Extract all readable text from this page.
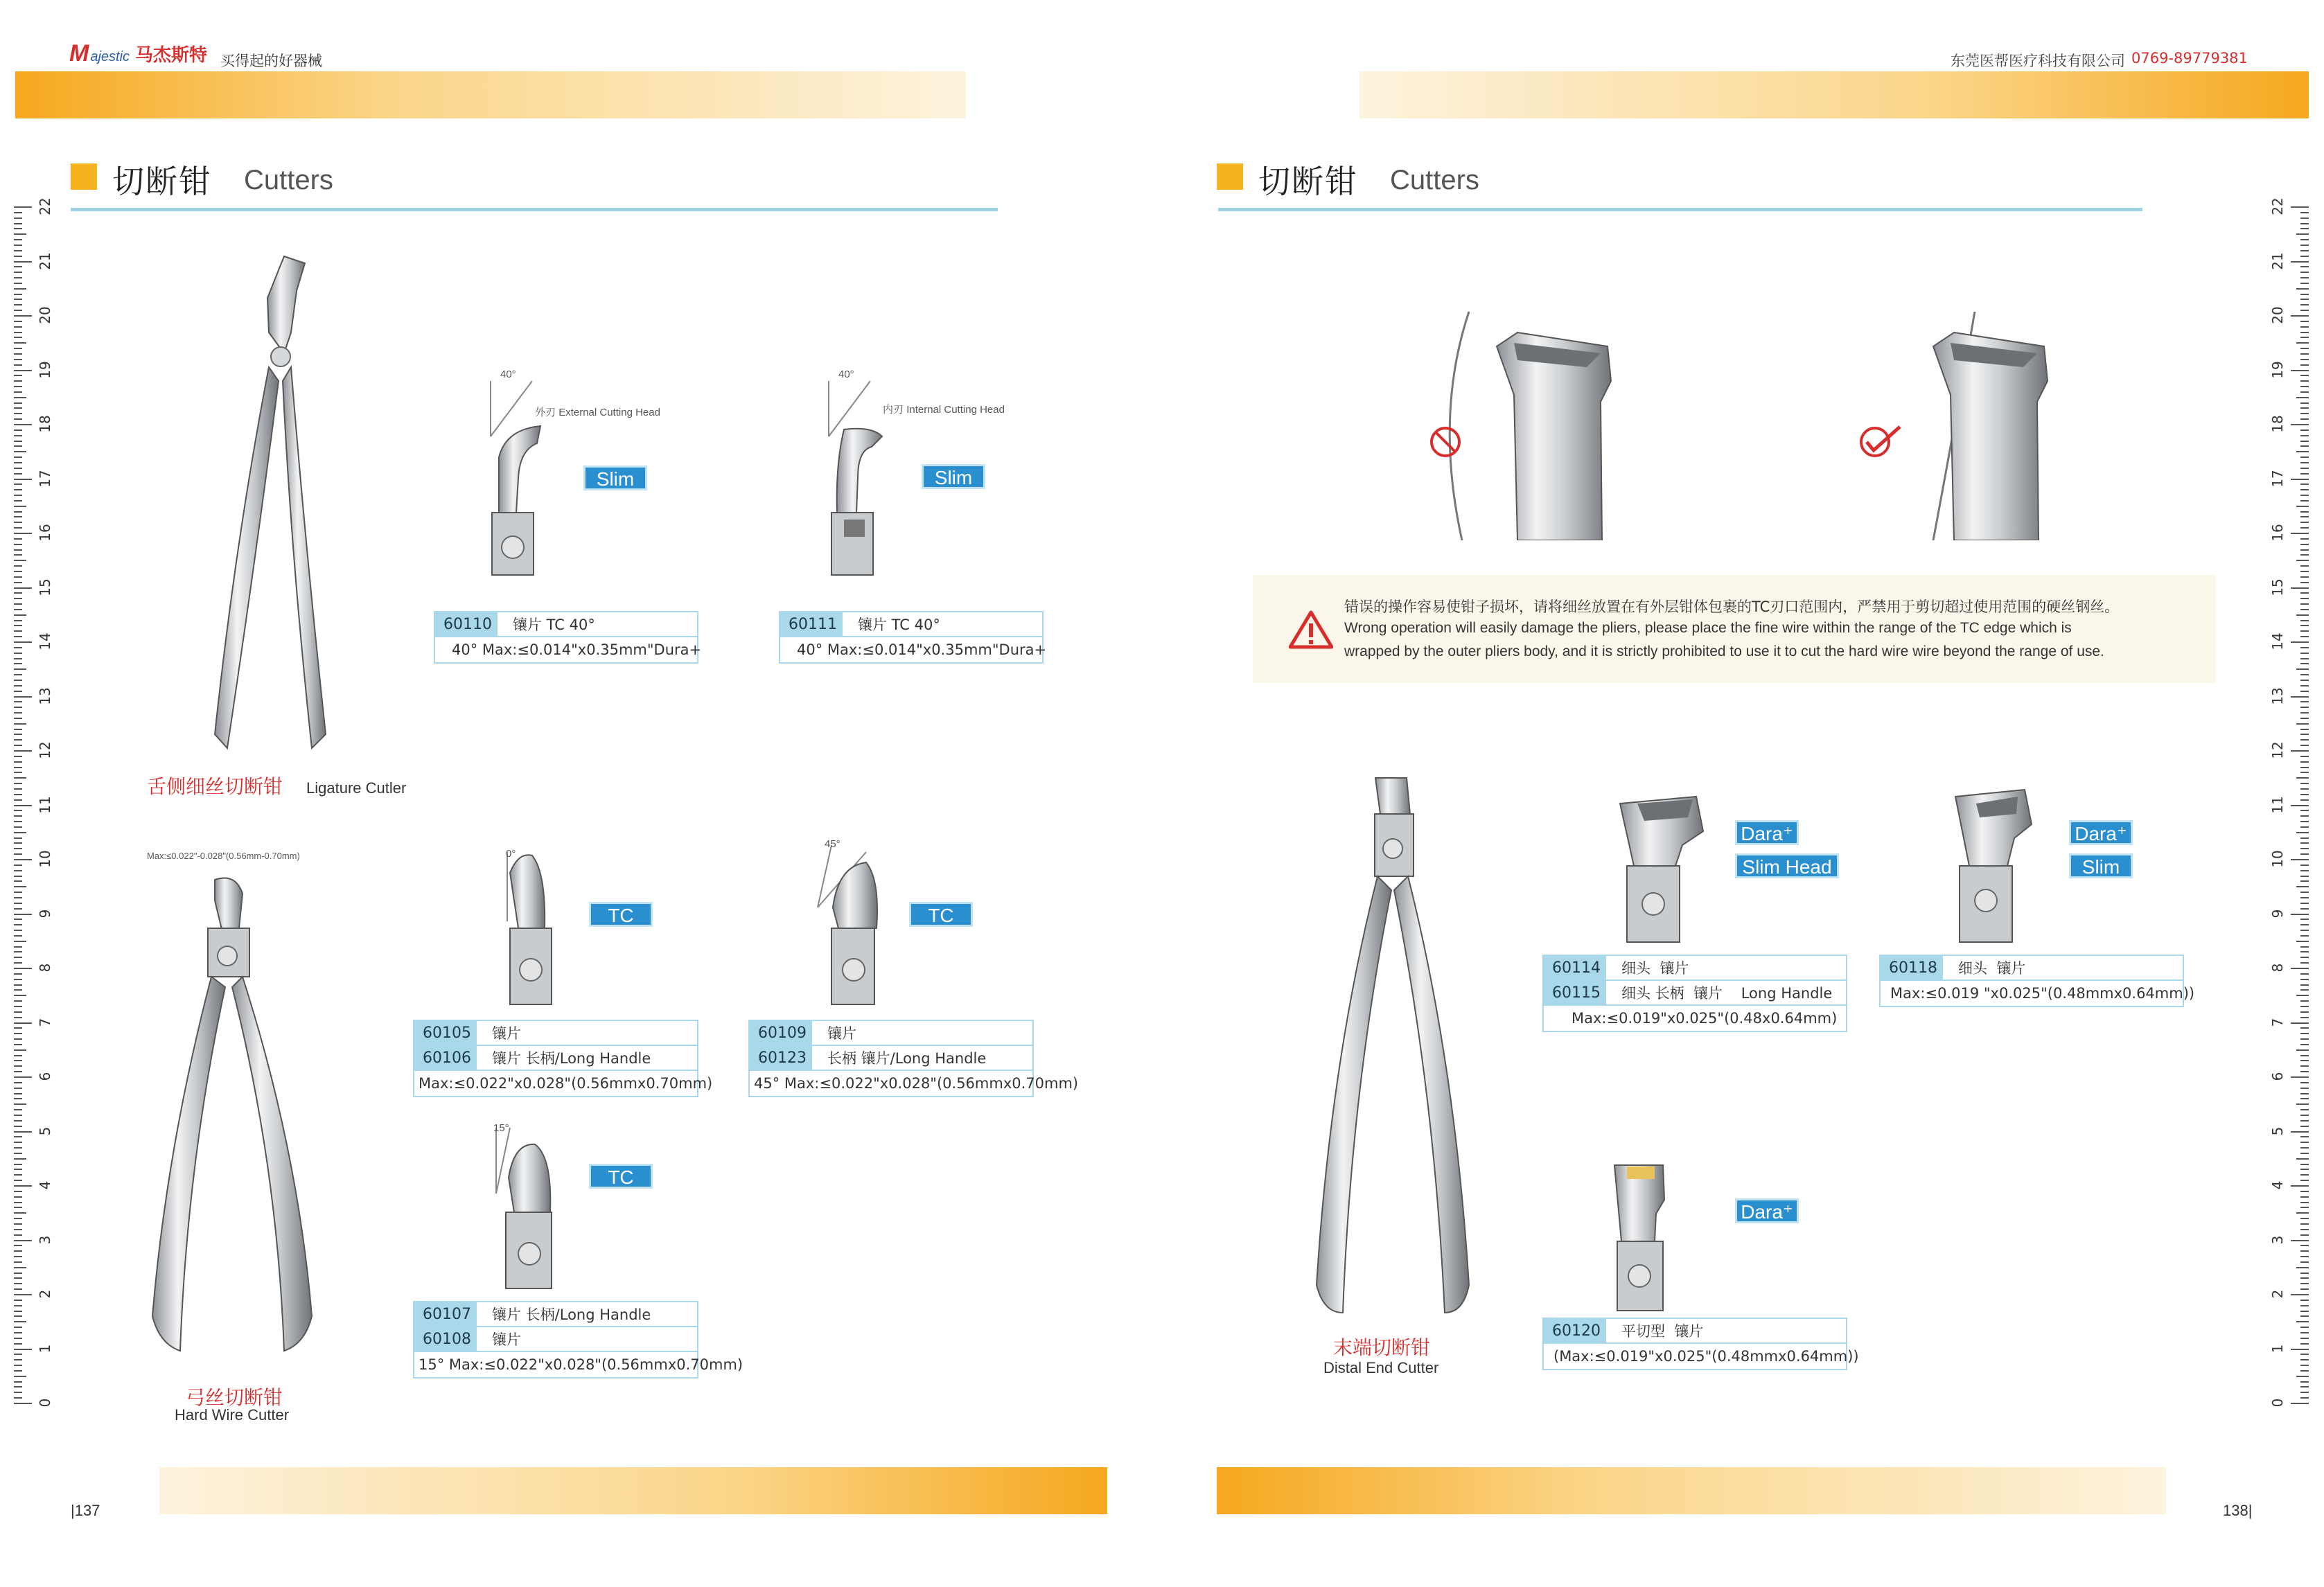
M ajestic 马杰斯特 买得起的好器械	东莞医帮医疗科技有限公司 0769-89779381
切断钳 Cutters	切断钳 Cutters
22
21
20
19
18
17
16
15
14
13
12
11
10
9
8
7
6
5
4
3
2
1
0
22
21
20
19
18
17
16
15
14
13
12
11
10
9
8
7
6
5
4
3
2
1
0
舌侧细丝切断钳 Ligature Cutler
40°
外刃 External Cutting Head
Slim
60110	镶片 TC 40°
40° Max:≤0.014"x0.35mm"Dura+
40°
内刃 Internal Cutting Head
Slim
60111	镶片 TC 40°
40° Max:≤0.014"x0.35mm"Dura+
Max:≤0.022"-0.028"(0.56mm-0.70mm)
弓丝切断钳
Hard Wire Cutter
0°
TC
60105	镶片
60106	镶片 长柄/Long Handle
Max:≤0.022"x0.028"(0.56mmx0.70mm)
45°
TC
60109	镶片
60123	长柄 镶片/Long Handle
45° Max:≤0.022"x0.028"(0.56mmx0.70mm)
15°
TC
60107	镶片 长柄/Long Handle
60108	镶片
15° Max:≤0.022"x0.028"(0.56mmx0.70mm)
|137
错误的操作容易使钳子损坏，请将细丝放置在有外层钳体包裹的TC刃口范围内，严禁用于剪切超过使用范围的硬丝钢丝。
Wrong operation will easily damage the pliers, please place the fine wire within the range of the TC edge which is
wrapped by the outer pliers body, and it is strictly prohibited to use it to cut the hard wire wire beyond the range of use.
末端切断钳
Distal End Cutter
Dara⁺
Slim Head
60114	细头  镶片
60115	细头 长柄  镶片    Long Handle
Max:≤0.019"x0.025"(0.48x0.64mm)
Dara⁺
Slim
60118	细头  镶片
Max:≤0.019 "x0.025"(0.48mmx0.64mm))
Dara⁺
60120	平切型  镶片
(Max:≤0.019"x0.025"(0.48mmx0.64mm))
138|
